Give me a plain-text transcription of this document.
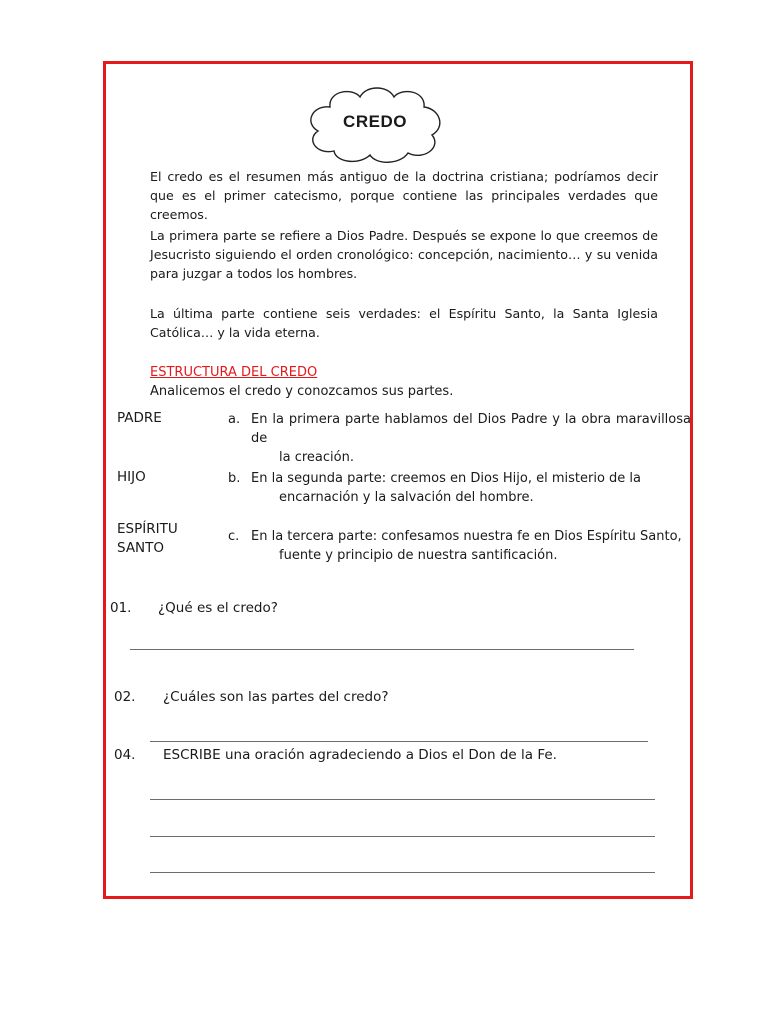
CREDO

El credo es el resumen más antiguo de la doctrina cristiana; podríamos decir que es el primer catecismo, porque contiene las principales verdades que creemos.

La primera parte se refiere a Dios Padre. Después se expone lo que creemos de Jesucristo siguiendo el orden cronológico: concepción, nacimiento… y su venida para juzgar a todos los hombres.

La última parte contiene seis verdades: el Espíritu Santo, la Santa Iglesia Católica… y la vida eterna.

ESTRUCTURA DEL CREDO
Analicemos el credo y conozcamos sus partes.
PADRE	a. En la primera parte hablamos del Dios Padre y la obra maravillosa de
la creación.

HIJO	b. En la segunda parte: creemos en Dios Hijo, el misterio de la
encarnación y la salvación del hombre.

ESPÍRITU
SANTO
c. En la tercera parte: confesamos nuestra fe en Dios Espíritu Santo,
fuente y principio de nuestra santificación.

01. ¿Qué es el credo?
02. ¿Cuáles son las partes del credo?
04. ESCRIBE una oración agradeciendo a Dios el Don de la Fe.
